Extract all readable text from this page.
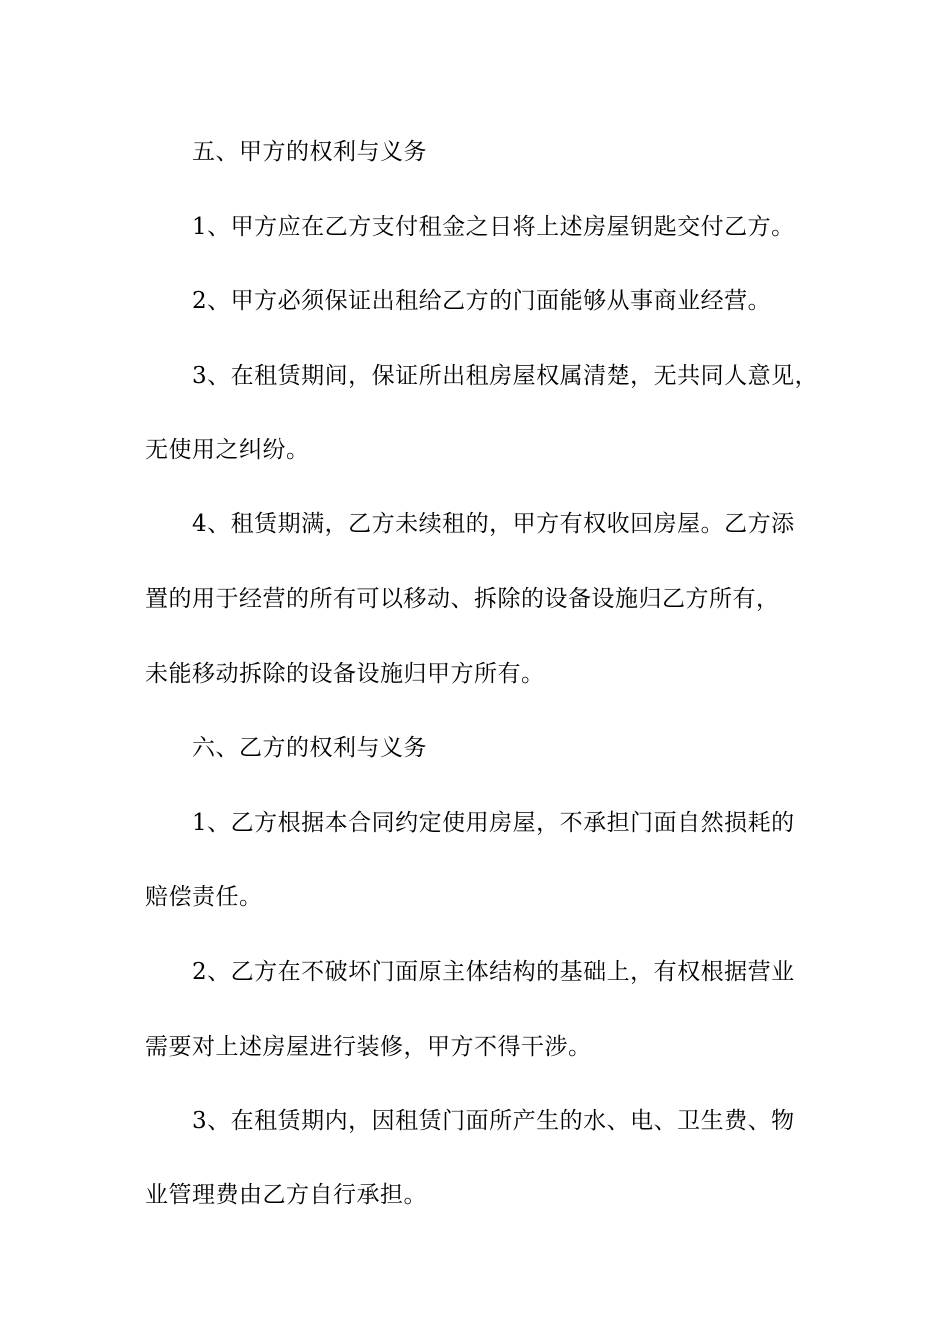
五、甲方的权利与义务
1、甲方应在乙方支付租金之日将上述房屋钥匙交付乙方。
2、甲方必须保证出租给乙方的门面能够从事商业经营。
3、在租赁期间，保证所出租房屋权属清楚，无共同人意见，
无使用之纠纷。
4、租赁期满，乙方未续租的，甲方有权收回房屋。乙方添
置的用于经营的所有可以移动、拆除的设备设施归乙方所有，
未能移动拆除的设备设施归甲方所有。
六、乙方的权利与义务
1、乙方根据本合同约定使用房屋，不承担门面自然损耗的
赔偿责任。
2、乙方在不破坏门面原主体结构的基础上，有权根据营业
需要对上述房屋进行装修，甲方不得干涉。
3、在租赁期内，因租赁门面所产生的水、电、卫生费、物
业管理费由乙方自行承担。
